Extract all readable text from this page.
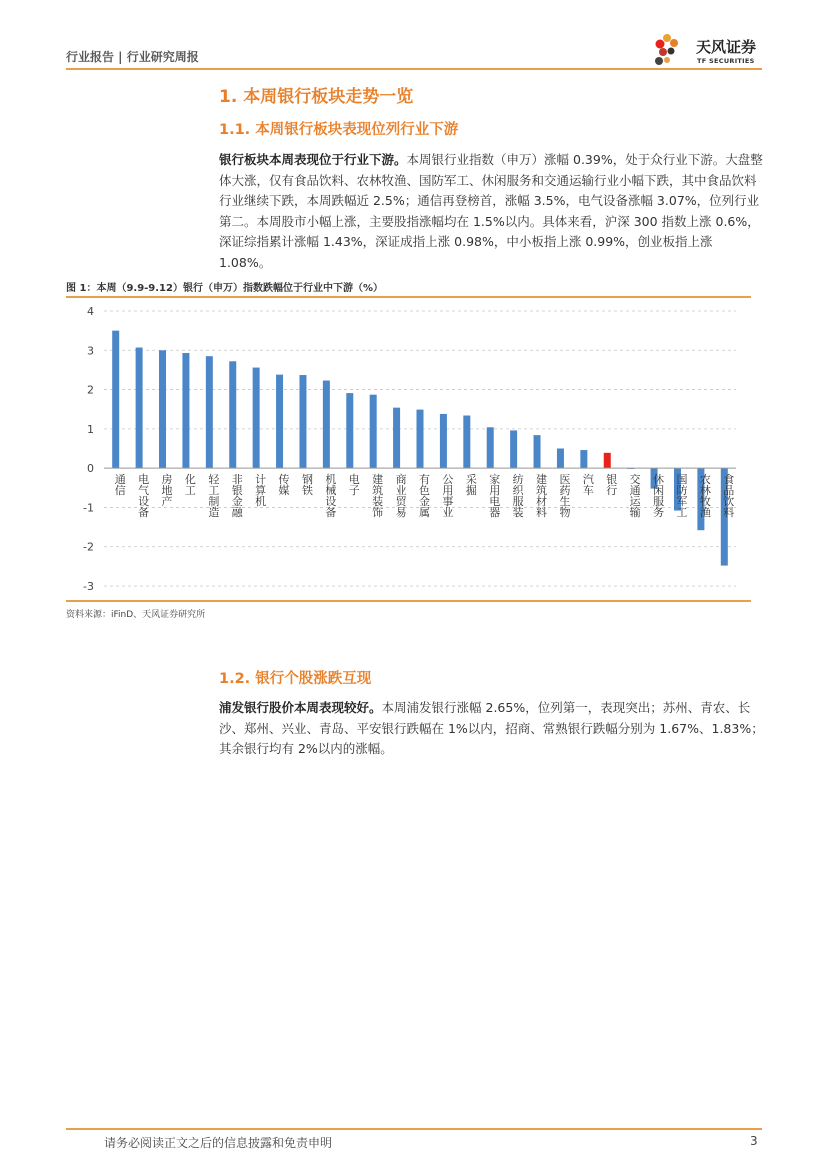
行业报告 | 行业研究周报
天风证券
TF SECURITIES
1. 本周银行板块走势一览
1.1. 本周银行板块表现位列行业下游
银行板块本周表现位于行业下游。本周银行业指数（申万）涨幅 0.39%，处于众行业下游。大盘整体大涨，仅有食品饮料、农林牧渔、国防军工、休闲服务和交通运输行业小幅下跌，其中食品饮料行业继续下跌，本周跌幅近 2.5%；通信再登榜首，涨幅 3.5%，电气设备涨幅 3.07%，位列行业第二。本周股市小幅上涨，主要股指涨幅均在 1.5%以内。具体来看，沪深 300 指数上涨 0.6%，深证综指累计涨幅 1.43%，深证成指上涨 0.98%，中小板指上涨 0.99%，创业板指上涨 1.08%。
图 1：本周（9.9-9.12）银行（申万）指数跌幅位于行业中下游（%）
-3
-2
-1
0
1
2
3
4
通信 电气设备 房地产 化工 轻工制造 非银金融 计算机 传媒 钢铁 机械设备 电子 建筑装饰 商业贸易 有色金属 公用事业 采掘 家用电器 纺织服装 建筑材料 医药生物 汽车 银行 交通运输 休闲服务 国防军工 农林牧渔 食品饮料
资料来源：iFinD、天风证券研究所
1.2. 银行个股涨跌互现
浦发银行股价本周表现较好。本周浦发银行涨幅 2.65%，位列第一，表现突出；苏州、青农、长沙、郑州、兴业、青岛、平安银行跌幅在 1%以内，招商、常熟银行跌幅分别为 1.67%、1.83%；其余银行均有 2%以内的涨幅。
请务必阅读正文之后的信息披露和免责申明	3
